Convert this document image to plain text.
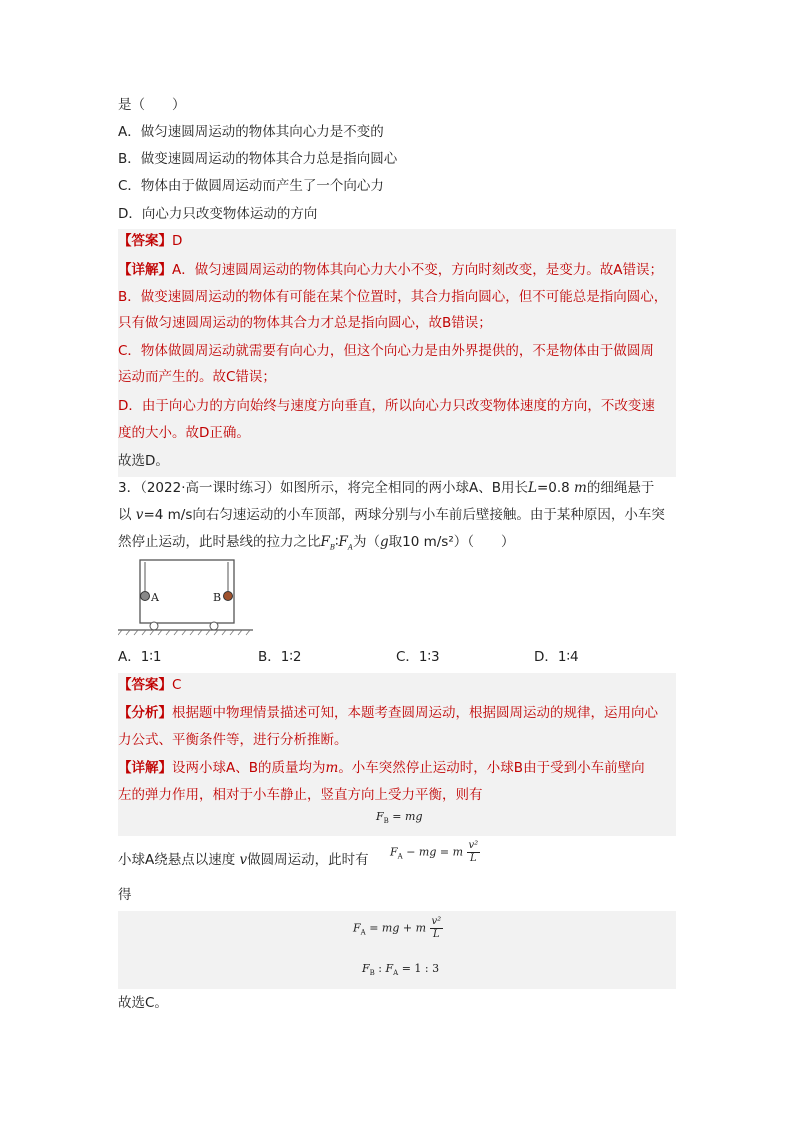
是（　　）
A．做匀速圆周运动的物体其向心力是不变的
B．做变速圆周运动的物体其合力总是指向圆心
C．物体由于做圆周运动而产生了一个向心力
D．向心力只改变物体运动的方向
【答案】D
【详解】A．做匀速圆周运动的物体其向心力大小不变，方向时刻改变，是变力。故A错误；
B．做变速圆周运动的物体有可能在某个位置时，其合力指向圆心，但不可能总是指向圆心，
只有做匀速圆周运动的物体其合力才总是指向圆心，故B错误；
C．物体做圆周运动就需要有向心力，但这个向心力是由外界提供的，不是物体由于做圆周
运动而产生的。故C错误；
D．由于向心力的方向始终与速度方向垂直，所以向心力只改变物体速度的方向，不改变速
度的大小。故D正确。
故选D。
3．（2022·高一课时练习）如图所示，将完全相同的两小球A、B用长L=0.8 m的细绳悬于
以 v=4 m/s向右匀速运动的小车顶部，两球分别与小车前后壁接触。由于某种原因，小车突
然停止运动，此时悬线的拉力之比$F_B∶F_A$为（g取10 m/s²）（　　）
A	B
A．1∶1	B．1∶2	C．1∶3	D．1∶4
【答案】C
【分析】根据题中物理情景描述可知，本题考查圆周运动，根据圆周运动的规律，运用向心
力公式、平衡条件等，进行分析推断。
【详解】设两小球A、B的质量均为m。小车突然停止运动时，小球B由于受到小车前壁向
左的弹力作用，相对于小车静止，竖直方向上受力平衡，则有
$F_B$ = mg
小球A绕悬点以速度 v做圆周运动，此时有 $F_A$ − mg = m $\frac{\text{v²}}{L}$
得
$F_A$ = mg + m $\frac{\text{v²}}{L}$
$F_B$ : $F_A = 1$ : 3
故选C。
